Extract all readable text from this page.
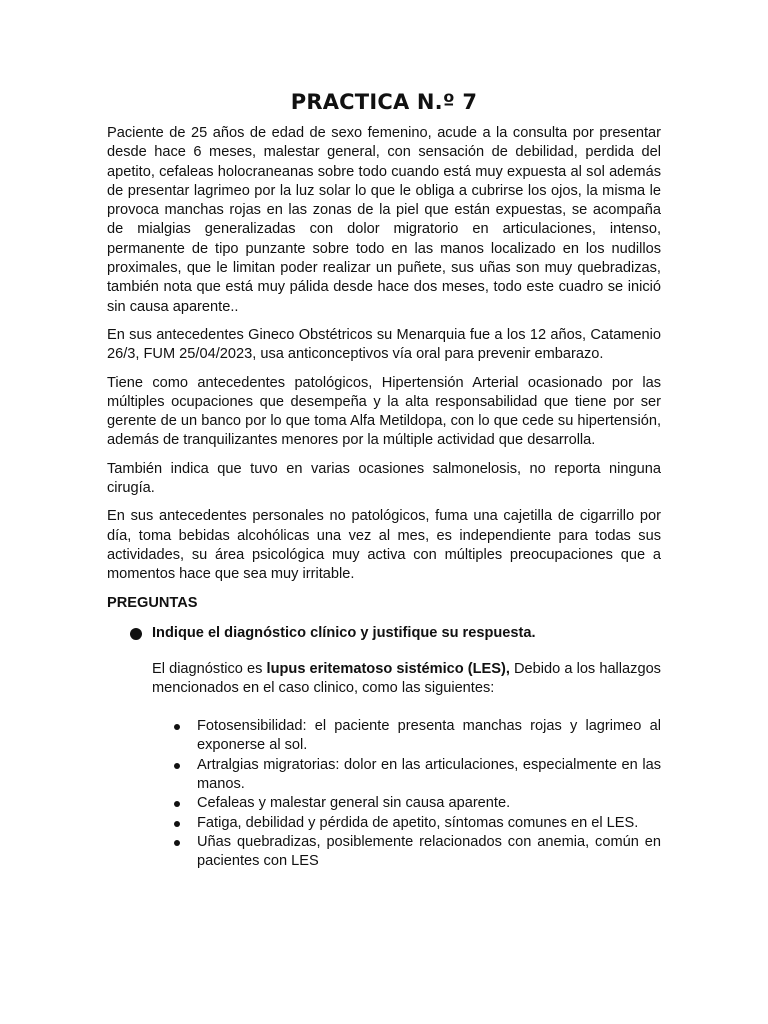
PRACTICA N.º 7

Paciente de 25 años de edad de sexo femenino, acude a la consulta por presentar desde hace 6 meses, malestar general, con sensación de debilidad, perdida del apetito, cefaleas holocraneanas sobre todo cuando está muy expuesta al sol además de presentar lagrimeo por la luz solar lo que le obliga a cubrirse los ojos, la misma le provoca manchas rojas en las zonas de la piel que están expuestas, se acompaña de mialgias generalizadas con dolor migratorio en articulaciones, intenso, permanente de tipo punzante sobre todo en las manos localizado en los nudillos proximales, que le limitan poder realizar un puñete, sus uñas son muy quebradizas, también nota que está muy pálida desde hace dos meses, todo este cuadro se inició sin causa aparente..

En sus antecedentes Gineco Obstétricos su Menarquia fue a los 12 años, Catamenio 26/3, FUM 25/04/2023, usa anticonceptivos vía oral para prevenir embarazo.

Tiene como antecedentes patológicos, Hipertensión Arterial ocasionado por las múltiples ocupaciones que desempeña y la alta responsabilidad que tiene por ser gerente de un banco por lo que toma Alfa Metildopa, con lo que cede su hipertensión, además de tranquilizantes menores por la múltiple actividad que desarrolla.

También indica que tuvo en varias ocasiones salmonelosis, no reporta ninguna cirugía.

En sus antecedentes personales no patológicos, fuma una cajetilla de cigarrillo por día, toma bebidas alcohólicas una vez al mes, es independiente para todas sus actividades, su área psicológica muy activa con múltiples preocupaciones que a momentos hace que sea muy irritable.

PREGUNTAS
Indique el diagnóstico clínico y justifique su respuesta.

El diagnóstico es lupus eritematoso sistémico (LES), Debido a los hallazgos mencionados en el caso clinico, como las siguientes:

Fotosensibilidad: el paciente presenta manchas rojas y lagrimeo al exponerse al sol.
Artralgias migratorias: dolor en las articulaciones, especialmente en las manos.
Cefaleas y malestar general sin causa aparente.
Fatiga, debilidad y pérdida de apetito, síntomas comunes en el LES.
Uñas quebradizas, posiblemente relacionados con anemia, común en pacientes con LES
